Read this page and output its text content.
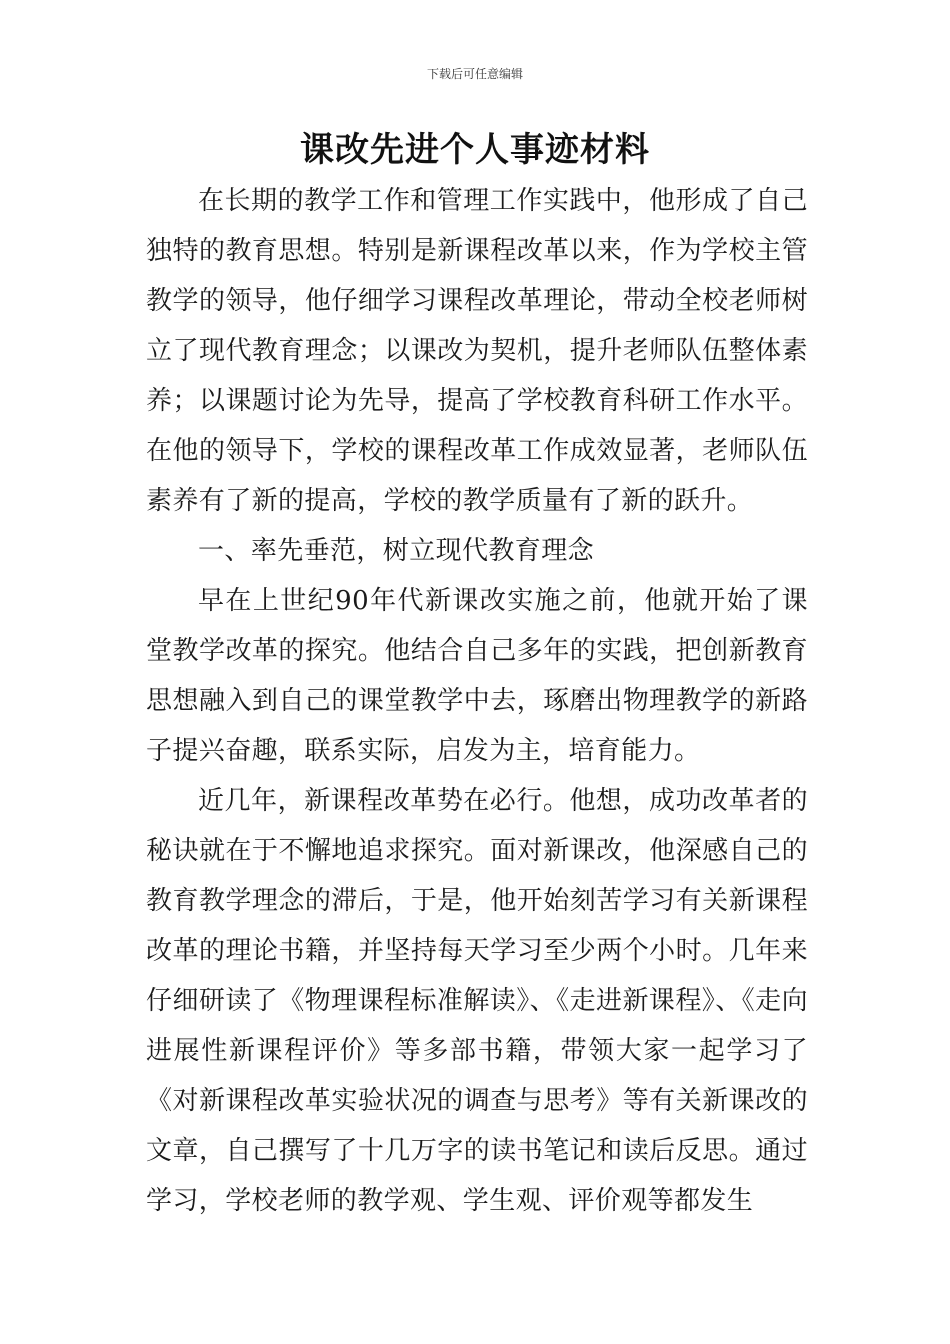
下载后可任意编辑
课改先进个人事迹材料

在长期的教学工作和管理工作实践中，他形成了自己独特的教育思想。特别是新课程改革以来，作为学校主管教学的领导，他仔细学习课程改革理论，带动全校老师树立了现代教育理念；以课改为契机，提升老师队伍整体素养；以课题讨论为先导，提高了学校教育科研工作水平。在他的领导下，学校的课程改革工作成效显著，老师队伍素养有了新的提高，学校的教学质量有了新的跃升。

一、率先垂范，树立现代教育理念

早在上世纪90年代新课改实施之前，他就开始了课堂教学改革的探究。他结合自己多年的实践，把创新教育思想融入到自己的课堂教学中去，琢磨出物理教学的新路子提兴奋趣，联系实际，启发为主，培育能力。

近几年，新课程改革势在必行。他想，成功改革者的秘诀就在于不懈地追求探究。面对新课改，他深感自己的教育教学理念的滞后，于是，他开始刻苦学习有关新课程改革的理论书籍，并坚持每天学习至少两个小时。几年来仔细研读了《物理课程标准解读》、《走进新课程》、《走向进展性新课程评价》等多部书籍，带领大家一起学习了《对新课程改革实验状况的调查与思考》等有关新课改的文章，自己撰写了十几万字的读书笔记和读后反思。通过学习，学校老师的教学观、学生观、评价观等都发生
